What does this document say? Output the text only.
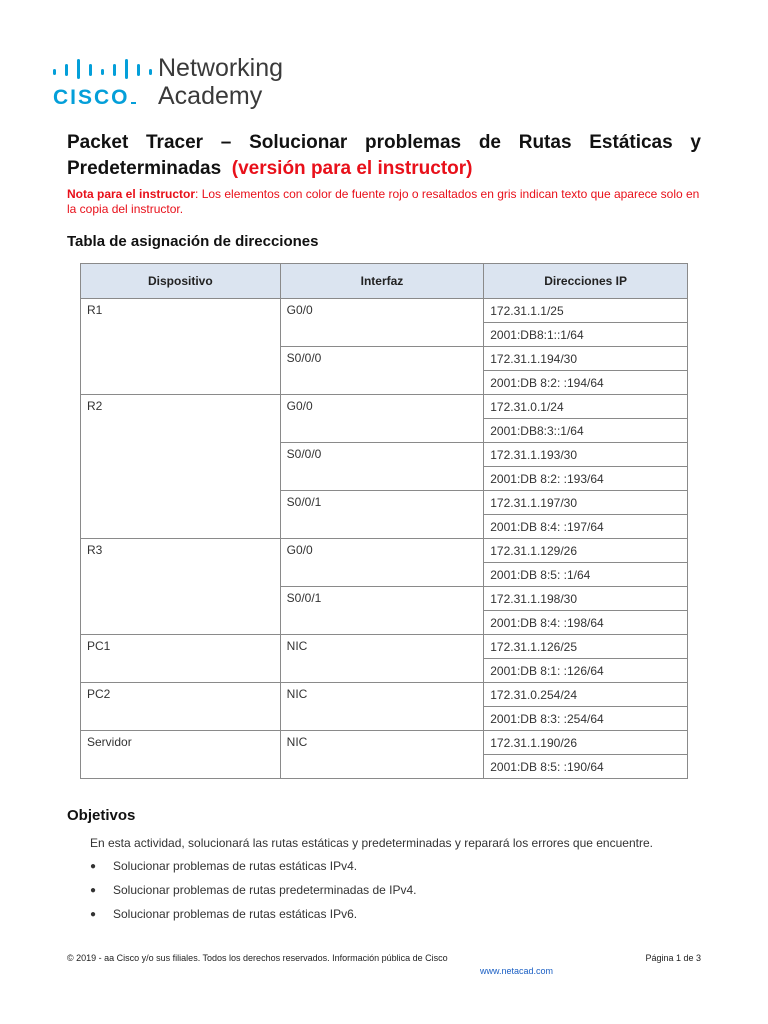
CISCO
Networking
Academy
Packet Tracer – Solucionar problemas de Rutas Estáticas y Predeterminadas (versión para el instructor)
Nota para el instructor: Los elementos con color de fuente rojo o resaltados en gris indican texto que aparece solo en la copia del instructor.
Tabla de asignación de direcciones
Dispositivo	Interfaz	Direcciones IP
R1	G0/0	172.31.1.1/25
		2001:DB8:1::1/64
	S0/0/0	172.31.1.194/30
		2001:DB 8:2: :194/64
R2	G0/0	172.31.0.1/24
		2001:DB8:3::1/64
	S0/0/0	172.31.1.193/30
		2001:DB 8:2: :193/64
	S0/0/1	172.31.1.197/30
		2001:DB 8:4: :197/64
R3	G0/0	172.31.1.129/26
		2001:DB 8:5: :1/64
	S0/0/1	172.31.1.198/30
		2001:DB 8:4: :198/64
PC1	NIC	172.31.1.126/25
		2001:DB 8:1: :126/64
PC2	NIC	172.31.0.254/24
		2001:DB 8:3: :254/64
Servidor	NIC	172.31.1.190/26
		2001:DB 8:5: :190/64
Objetivos
En esta actividad, solucionará las rutas estáticas y predeterminadas y reparará los errores que encuentre.
●	Solucionar problemas de rutas estáticas IPv4.
●	Solucionar problemas de rutas predeterminadas de IPv4.
●	Solucionar problemas de rutas estáticas IPv6.
© 2019 - aa Cisco y/o sus filiales. Todos los derechos reservados. Información pública de Cisco	Página 1 de 3
www.netacad.com
